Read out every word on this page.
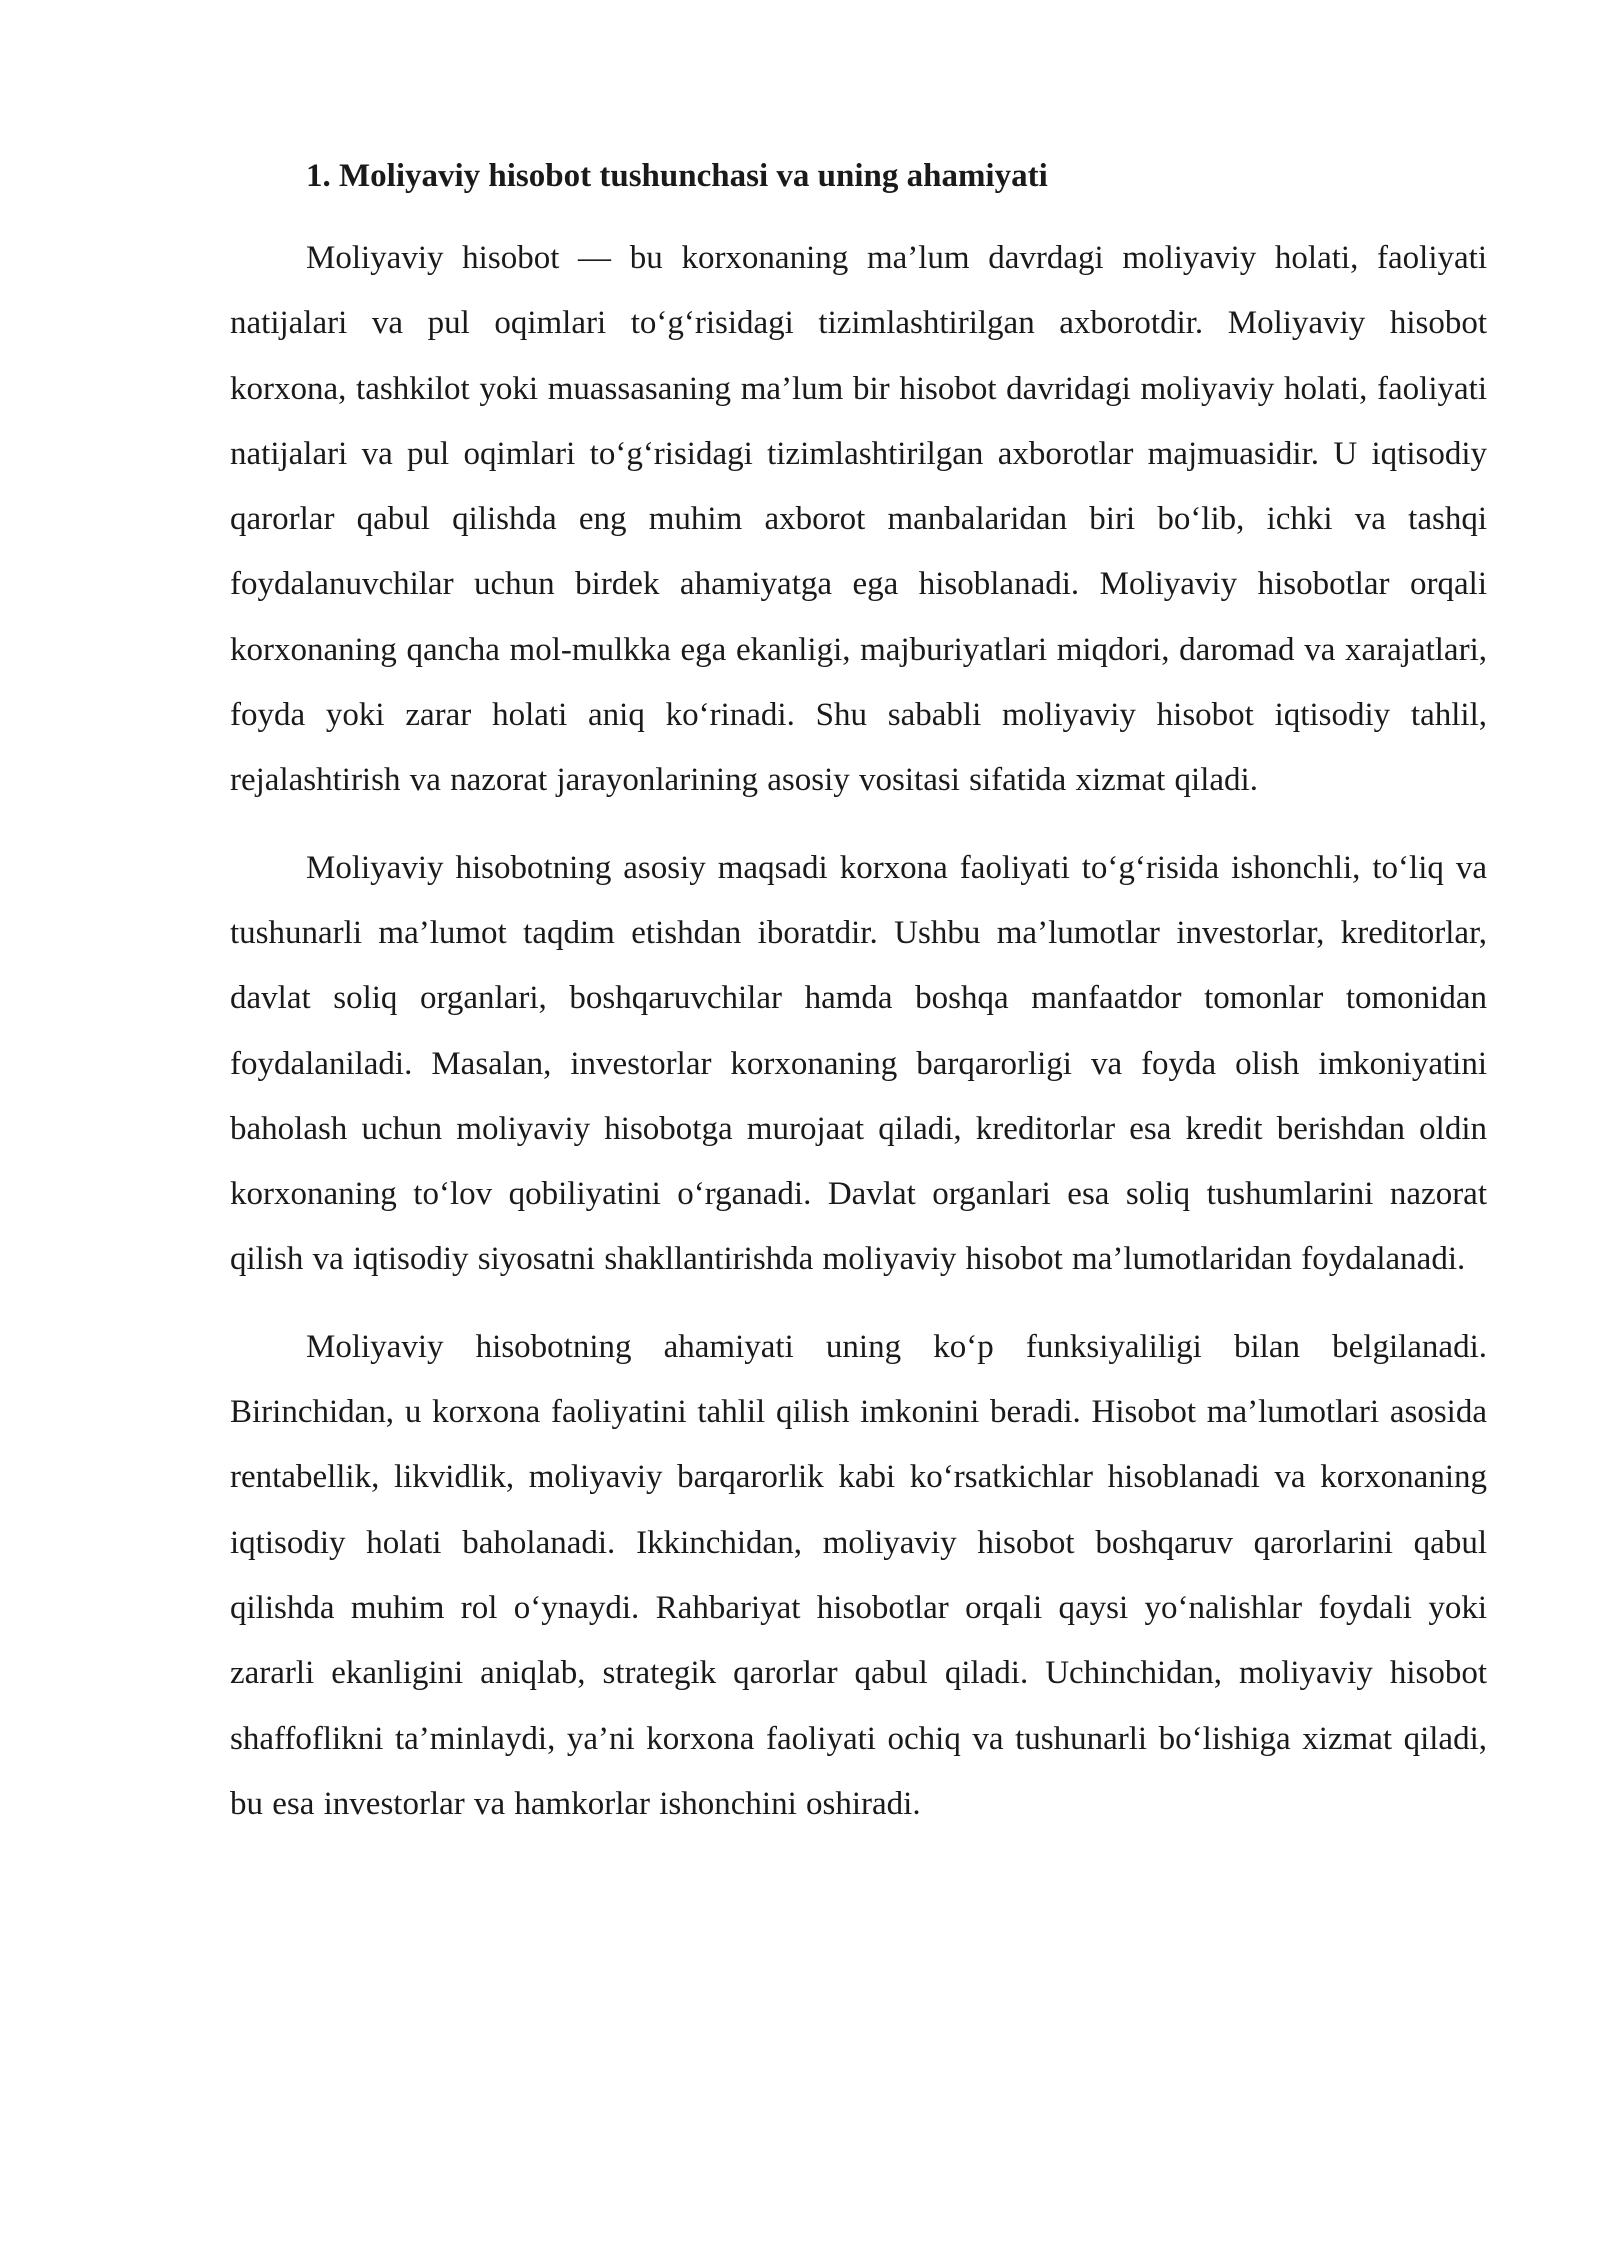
1. Moliyaviy hisobot tushunchasi va uning ahamiyati

Moliyaviy hisobot — bu korxonaning ma’lum davrdagi moliyaviy holati, faoliyati natijalari va pul oqimlari to‘g‘risidagi tizimlashtirilgan axborotdir. Moliyaviy hisobot korxona, tashkilot yoki muassasaning ma’lum bir hisobot davridagi moliyaviy holati, faoliyati natijalari va pul oqimlari to‘g‘risidagi tizimlashtirilgan axborotlar majmuasidir. U iqtisodiy qarorlar qabul qilishda eng muhim axborot manbalaridan biri bo‘lib, ichki va tashqi foydalanuvchilar uchun birdek ahamiyatga ega hisoblanadi. Moliyaviy hisobotlar orqali korxonaning qancha mol-mulkka ega ekanligi, majburiyatlari miqdori, daromad va xarajatlari, foyda yoki zarar holati aniq ko‘rinadi. Shu sababli moliyaviy hisobot iqtisodiy tahlil, rejalashtirish va nazorat jarayonlarining asosiy vositasi sifatida xizmat qiladi.

Moliyaviy hisobotning asosiy maqsadi korxona faoliyati to‘g‘risida ishonchli, to‘liq va tushunarli ma’lumot taqdim etishdan iboratdir. Ushbu ma’lumotlar investorlar, kreditorlar, davlat soliq organlari, boshqaruvchilar hamda boshqa manfaatdor tomonlar tomonidan foydalaniladi. Masalan, investorlar korxonaning barqarorligi va foyda olish imkoniyatini baholash uchun moliyaviy hisobotga murojaat qiladi, kreditorlar esa kredit berishdan oldin korxonaning to‘lov qobiliyatini o‘rganadi. Davlat organlari esa soliq tushumlarini nazorat qilish va iqtisodiy siyosatni shakllantirishda moliyaviy hisobot ma’lumotlaridan foydalanadi.

Moliyaviy hisobotning ahamiyati uning ko‘p funksiyaliligi bilan belgilanadi. Birinchidan, u korxona faoliyatini tahlil qilish imkonini beradi. Hisobot ma’lumotlari asosida rentabellik, likvidlik, moliyaviy barqarorlik kabi ko‘rsatkichlar hisoblanadi va korxonaning iqtisodiy holati baholanadi. Ikkinchidan, moliyaviy hisobot boshqaruv qarorlarini qabul qilishda muhim rol o‘ynaydi. Rahbariyat hisobotlar orqali qaysi yo‘nalishlar foydali yoki zararli ekanligini aniqlab, strategik qarorlar qabul qiladi. Uchinchidan, moliyaviy hisobot shaffoflikni ta’minlaydi, ya’ni korxona faoliyati ochiq va tushunarli bo‘lishiga xizmat qiladi, bu esa investorlar va hamkorlar ishonchini oshiradi.
